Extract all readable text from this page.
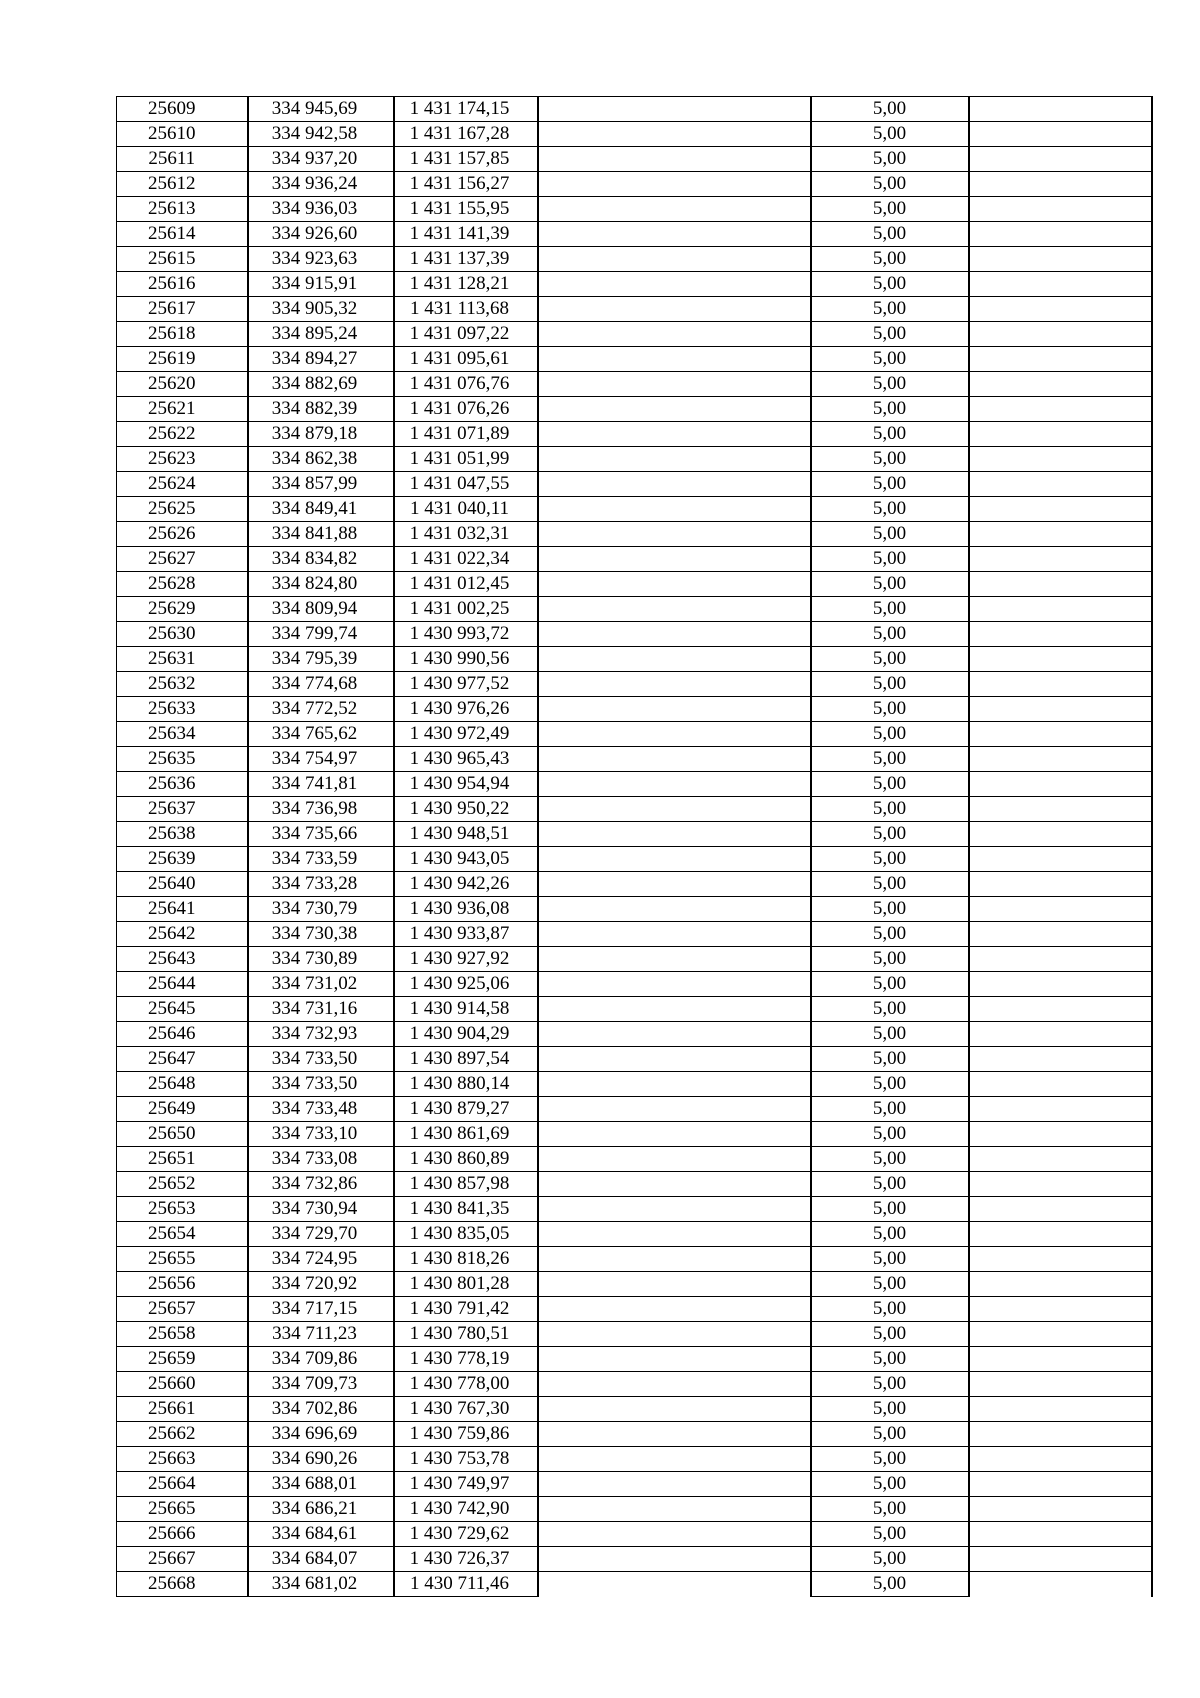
25609	334 945,69	1 431 174,15		5,00	
25610	334 942,58	1 431 167,28		5,00	
25611	334 937,20	1 431 157,85		5,00	
25612	334 936,24	1 431 156,27		5,00	
25613	334 936,03	1 431 155,95		5,00	
25614	334 926,60	1 431 141,39		5,00	
25615	334 923,63	1 431 137,39		5,00	
25616	334 915,91	1 431 128,21		5,00	
25617	334 905,32	1 431 113,68		5,00	
25618	334 895,24	1 431 097,22		5,00	
25619	334 894,27	1 431 095,61		5,00	
25620	334 882,69	1 431 076,76		5,00	
25621	334 882,39	1 431 076,26		5,00	
25622	334 879,18	1 431 071,89		5,00	
25623	334 862,38	1 431 051,99		5,00	
25624	334 857,99	1 431 047,55		5,00	
25625	334 849,41	1 431 040,11		5,00	
25626	334 841,88	1 431 032,31		5,00	
25627	334 834,82	1 431 022,34		5,00	
25628	334 824,80	1 431 012,45		5,00	
25629	334 809,94	1 431 002,25		5,00	
25630	334 799,74	1 430 993,72		5,00	
25631	334 795,39	1 430 990,56		5,00	
25632	334 774,68	1 430 977,52		5,00	
25633	334 772,52	1 430 976,26		5,00	
25634	334 765,62	1 430 972,49		5,00	
25635	334 754,97	1 430 965,43		5,00	
25636	334 741,81	1 430 954,94		5,00	
25637	334 736,98	1 430 950,22		5,00	
25638	334 735,66	1 430 948,51		5,00	
25639	334 733,59	1 430 943,05		5,00	
25640	334 733,28	1 430 942,26		5,00	
25641	334 730,79	1 430 936,08		5,00	
25642	334 730,38	1 430 933,87		5,00	
25643	334 730,89	1 430 927,92		5,00	
25644	334 731,02	1 430 925,06		5,00	
25645	334 731,16	1 430 914,58		5,00	
25646	334 732,93	1 430 904,29		5,00	
25647	334 733,50	1 430 897,54		5,00	
25648	334 733,50	1 430 880,14		5,00	
25649	334 733,48	1 430 879,27		5,00	
25650	334 733,10	1 430 861,69		5,00	
25651	334 733,08	1 430 860,89		5,00	
25652	334 732,86	1 430 857,98		5,00	
25653	334 730,94	1 430 841,35		5,00	
25654	334 729,70	1 430 835,05		5,00	
25655	334 724,95	1 430 818,26		5,00	
25656	334 720,92	1 430 801,28		5,00	
25657	334 717,15	1 430 791,42		5,00	
25658	334 711,23	1 430 780,51		5,00	
25659	334 709,86	1 430 778,19		5,00	
25660	334 709,73	1 430 778,00		5,00	
25661	334 702,86	1 430 767,30		5,00	
25662	334 696,69	1 430 759,86		5,00	
25663	334 690,26	1 430 753,78		5,00	
25664	334 688,01	1 430 749,97		5,00	
25665	334 686,21	1 430 742,90		5,00	
25666	334 684,61	1 430 729,62		5,00	
25667	334 684,07	1 430 726,37		5,00	
25668	334 681,02	1 430 711,46		5,00	
